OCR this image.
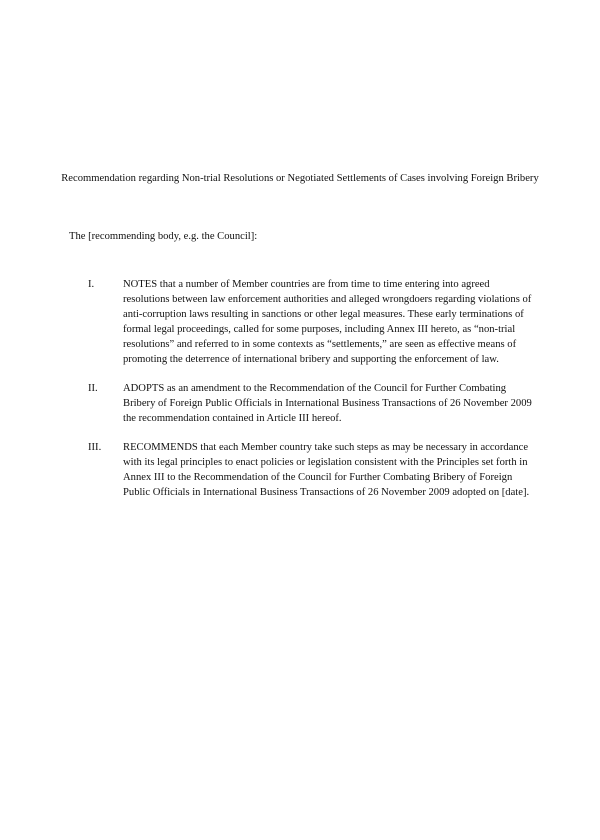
Recommendation regarding Non-trial Resolutions or Negotiated Settlements of Cases involving Foreign Bribery
The [recommending body, e.g. the Council]:
I.	NOTES that a number of Member countries are from time to time entering into agreed resolutions between law enforcement authorities and alleged wrongdoers regarding violations of anti-corruption laws resulting in sanctions or other legal measures. These early terminations of formal legal proceedings, called for some purposes, including Annex III hereto, as “non-trial resolutions” and referred to in some contexts as “settlements,” are seen as effective means of promoting the deterrence of international bribery and supporting the enforcement of law.
II. ADOPTS as an amendment to the Recommendation of the Council for Further Combating Bribery of Foreign Public Officials in International Business Transactions of 26 November 2009 the recommendation contained in Article III hereof.
III. RECOMMENDS that each Member country take such steps as may be necessary in accordance with its legal principles to enact policies or legislation consistent with the Principles set forth in Annex III to the Recommendation of the Council for Further Combating Bribery of Foreign Public Officials in International Business Transactions of 26 November 2009 adopted on [date].
